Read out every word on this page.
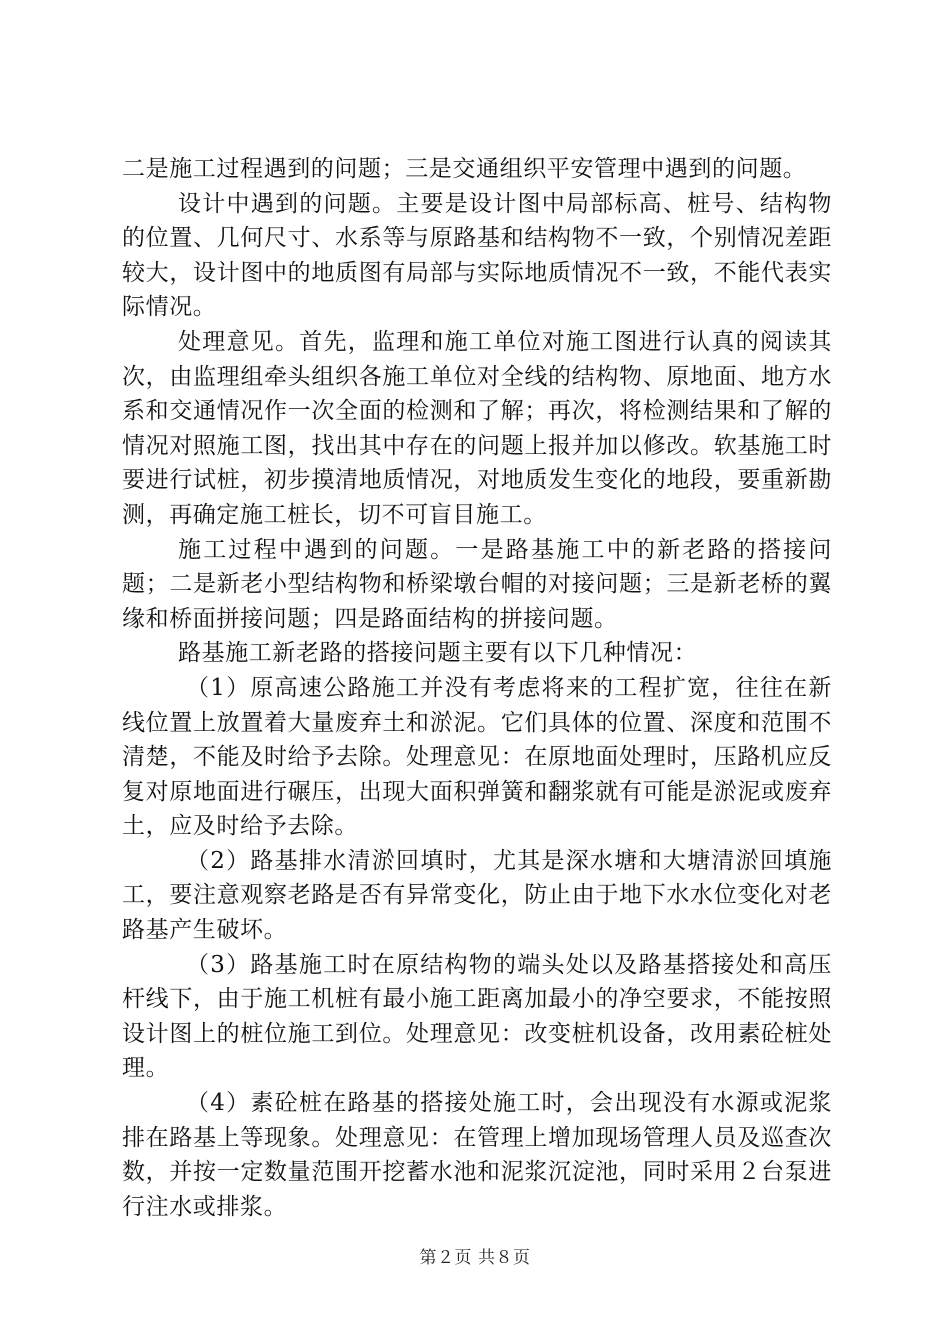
二是施工过程遇到的问题；三是交通组织平安管理中遇到的问题。

设计中遇到的问题。主要是设计图中局部标高、桩号、结构物的位置、几何尺寸、水系等与原路基和结构物不一致，个别情况差距较大，设计图中的地质图有局部与实际地质情况不一致，不能代表实际情况。

处理意见。首先，监理和施工单位对施工图进行认真的阅读其次，由监理组牵头组织各施工单位对全线的结构物、原地面、地方水系和交通情况作一次全面的检测和了解；再次，将检测结果和了解的情况对照施工图，找出其中存在的问题上报并加以修改。软基施工时要进行试桩，初步摸清地质情况，对地质发生变化的地段，要重新勘测，再确定施工桩长，切不可盲目施工。

施工过程中遇到的问题。一是路基施工中的新老路的搭接问题；二是新老小型结构物和桥梁墩台帽的对接问题；三是新老桥的翼缘和桥面拼接问题；四是路面结构的拼接问题。

路基施工新老路的搭接问题主要有以下几种情况：

（1）原高速公路施工并没有考虑将来的工程扩宽，往往在新线位置上放置着大量废弃土和淤泥。它们具体的位置、深度和范围不清楚，不能及时给予去除。处理意见：在原地面处理时，压路机应反复对原地面进行碾压，出现大面积弹簧和翻浆就有可能是淤泥或废弃土，应及时给予去除。

（2）路基排水清淤回填时，尤其是深水塘和大塘清淤回填施工，要注意观察老路是否有异常变化，防止由于地下水水位变化对老路基产生破坏。

（3）路基施工时在原结构物的端头处以及路基搭接处和高压杆线下，由于施工机桩有最小施工距离加最小的净空要求，不能按照设计图上的桩位施工到位。处理意见：改变桩机设备，改用素砼桩处理。

（4）素砼桩在路基的搭接处施工时，会出现没有水源或泥浆排在路基上等现象。处理意见：在管理上增加现场管理人员及巡查次数，并按一定数量范围开挖蓄水池和泥浆沉淀池，同时采用２台泵进行注水或排浆。

第２页 共８页
